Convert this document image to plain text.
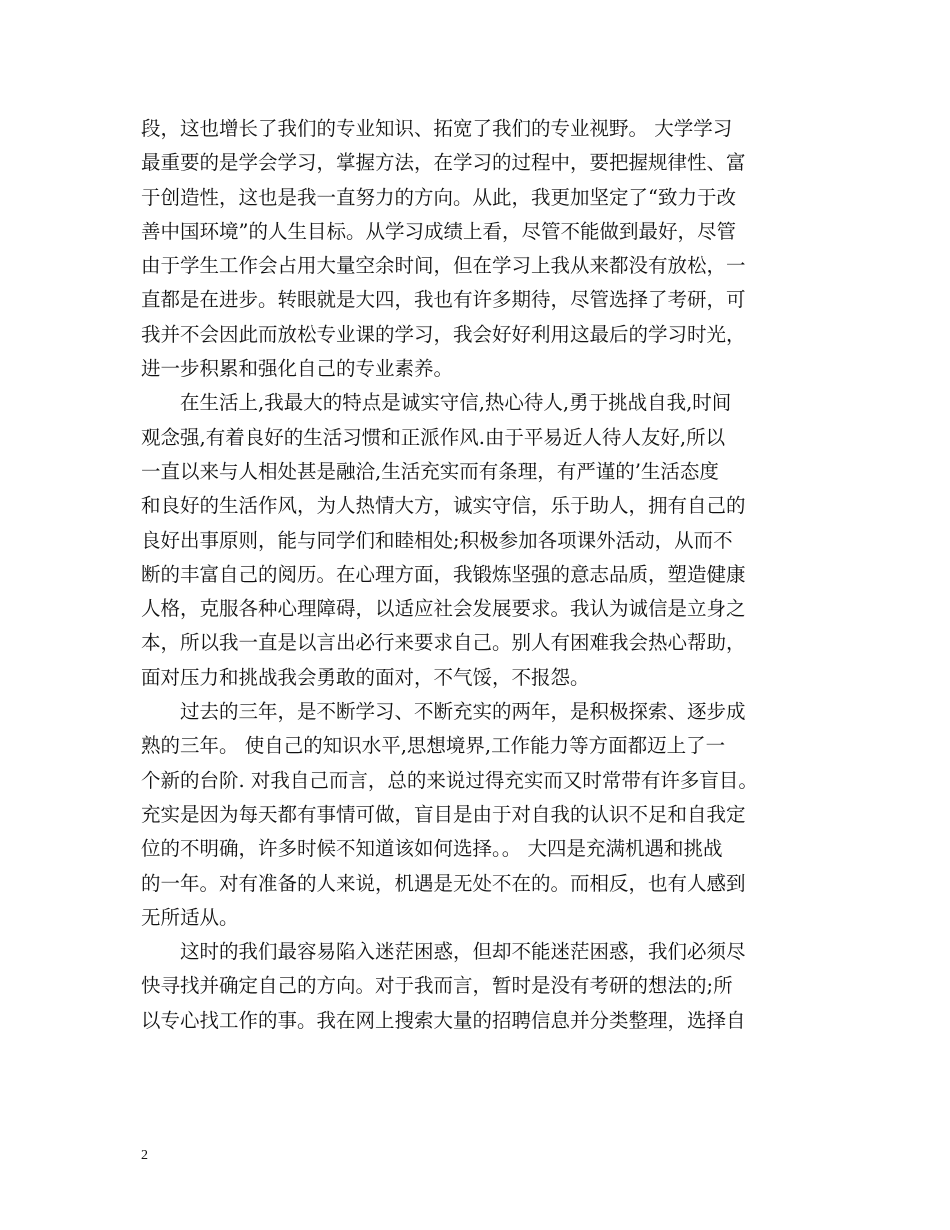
段，这也增长了我们的专业知识、拓宽了我们的专业视野。 大学学习
最重要的是学会学习，掌握方法，在学习的过程中，要把握规律性、富
于创造性，这也是我一直努力的方向。从此，我更加坚定了“致力于改
善中国环境”的人生目标。从学习成绩上看，尽管不能做到最好，尽管
由于学生工作会占用大量空余时间，但在学习上我从来都没有放松，一
直都是在进步。转眼就是大四，我也有许多期待，尽管选择了考研，可
我并不会因此而放松专业课的学习，我会好好利用这最后的学习时光，
进一步积累和强化自己的专业素养。
在生活上,我最大的特点是诚实守信,热心待人,勇于挑战自我,时间
观念强,有着良好的生活习惯和正派作风.由于平易近人待人友好,所以
一直以来与人相处甚是融洽,生活充实而有条理，有严谨的’生活态度
和良好的生活作风，为人热情大方，诚实守信，乐于助人，拥有自己的
良好出事原则，能与同学们和睦相处;积极参加各项课外活动，从而不
断的丰富自己的阅历。在心理方面，我锻炼坚强的意志品质，塑造健康
人格，克服各种心理障碍，以适应社会发展要求。我认为诚信是立身之
本，所以我一直是以言出必行来要求自己。别人有困难我会热心帮助，
面对压力和挑战我会勇敢的面对，不气馁，不报怨。
过去的三年，是不断学习、不断充实的两年，是积极探索、逐步成
熟的三年。 使自己的知识水平,思想境界,工作能力等方面都迈上了一
个新的台阶. 对我自己而言，总的来说过得充实而又时常带有许多盲目。
充实是因为每天都有事情可做，盲目是由于对自我的认识不足和自我定
位的不明确，许多时候不知道该如何选择。。 大四是充满机遇和挑战
的一年。对有准备的人来说，机遇是无处不在的。而相反，也有人感到
无所适从。
这时的我们最容易陷入迷茫困惑，但却不能迷茫困惑，我们必须尽
快寻找并确定自己的方向。对于我而言，暂时是没有考研的想法的;所
以专心找工作的事。我在网上搜索大量的招聘信息并分类整理，选择自
2
